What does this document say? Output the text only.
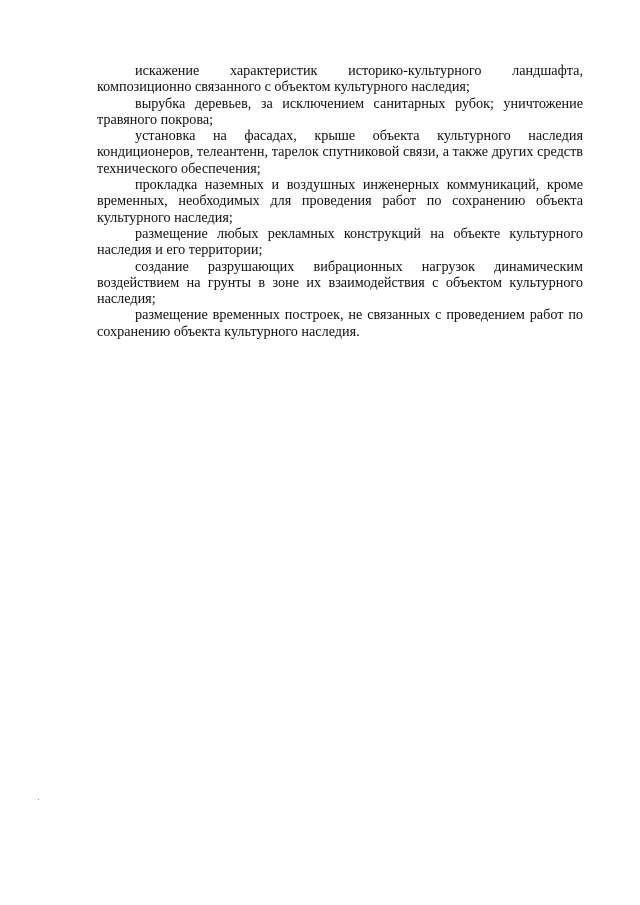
искажение характеристик историко-культурного ландшафта, композиционно связанного с объектом культурного наследия;

вырубка деревьев, за исключением санитарных рубок; уничтожение травяного покрова;

установка на фасадах, крыше объекта культурного наследия кондиционеров, телеантенн, тарелок спутниковой связи, а также других средств технического обеспечения;

прокладка наземных и воздушных инженерных коммуникаций, кроме временных, необходимых для проведения работ по сохранению объекта культурного наследия;

размещение любых рекламных конструкций на объекте культурного наследия и его территории;

создание разрушающих вибрационных нагрузок динамическим воздействием на грунты в зоне их взаимодействия с объектом культурного наследия;

размещение временных построек, не связанных с проведением работ по сохранению объекта культурного наследия.
